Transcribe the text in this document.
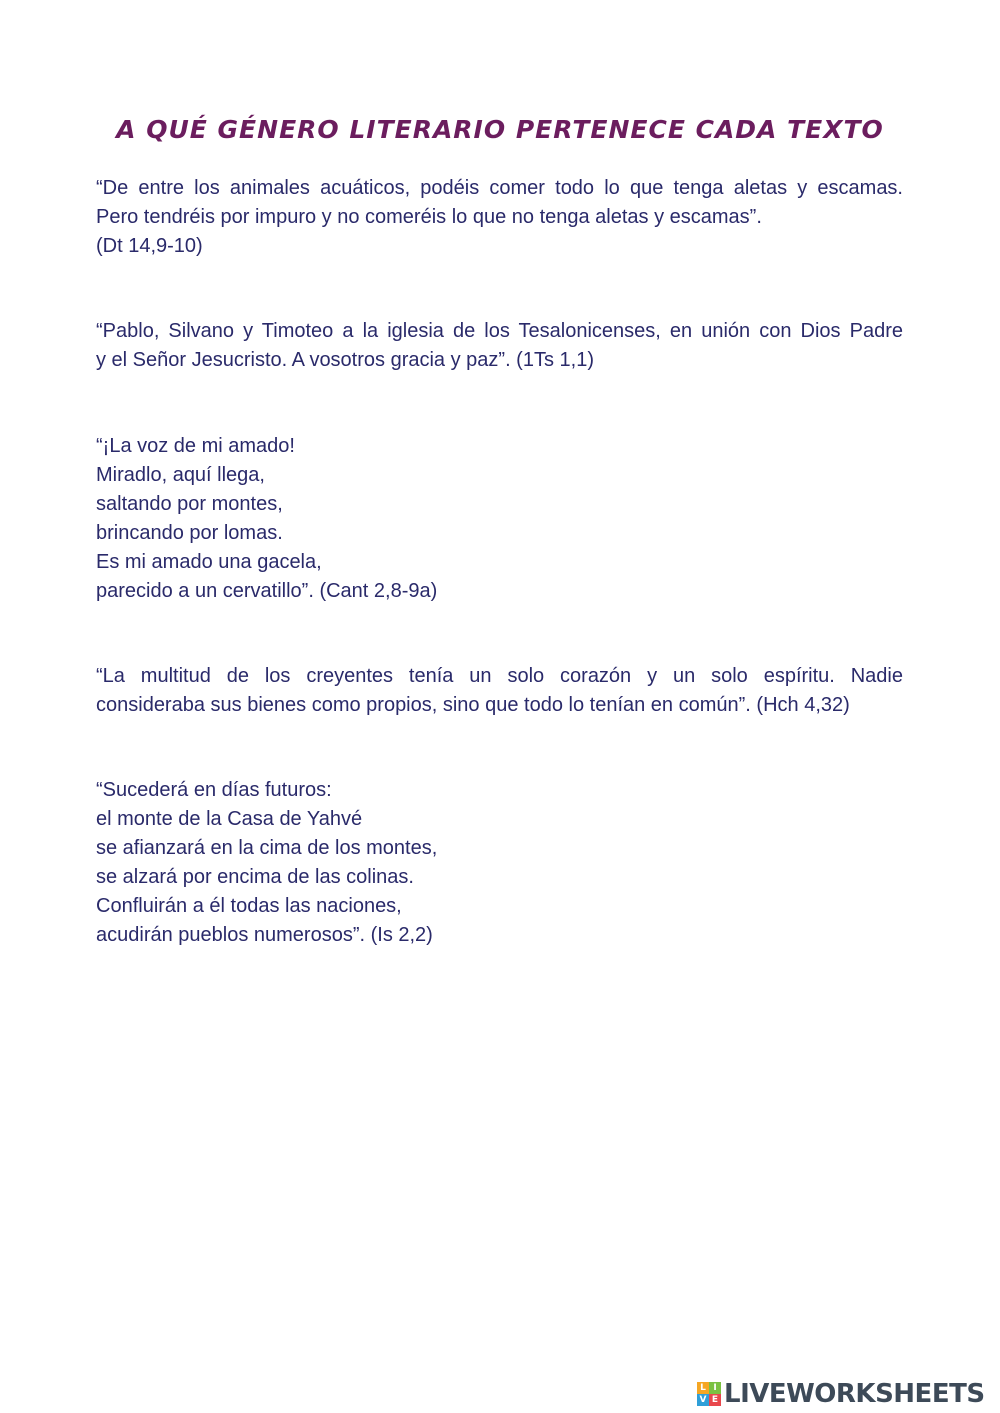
A QUÉ GÉNERO LITERARIO PERTENECE CADA TEXTO
“De entre los animales acuáticos, podéis comer todo lo que tenga aletas y escamas.
Pero tendréis por impuro y no comeréis lo que no tenga aletas y escamas”.
(Dt 14,9-10)
“Pablo, Silvano y Timoteo a la iglesia de los Tesalonicenses, en unión con Dios Padre
y el Señor Jesucristo. A vosotros gracia y paz”. (1Ts 1,1)
“¡La voz de mi amado!
Miradlo, aquí llega,
saltando por montes,
brincando por lomas.
Es mi amado una gacela,
parecido a un cervatillo”. (Cant 2,8-9a)
“La multitud de los creyentes tenía un solo corazón y un solo espíritu. Nadie
consideraba sus bienes como propios, sino que todo lo tenían en común”. (Hch 4,32)
“Sucederá en días futuros:
el monte de la Casa de Yahvé
se afianzará en la cima de los montes,
se alzará por encima de las colinas.
Confluirán a él todas las naciones,
acudirán pueblos numerosos”. (Is 2,2)
L I
V E LIVEWORKSHEETS
